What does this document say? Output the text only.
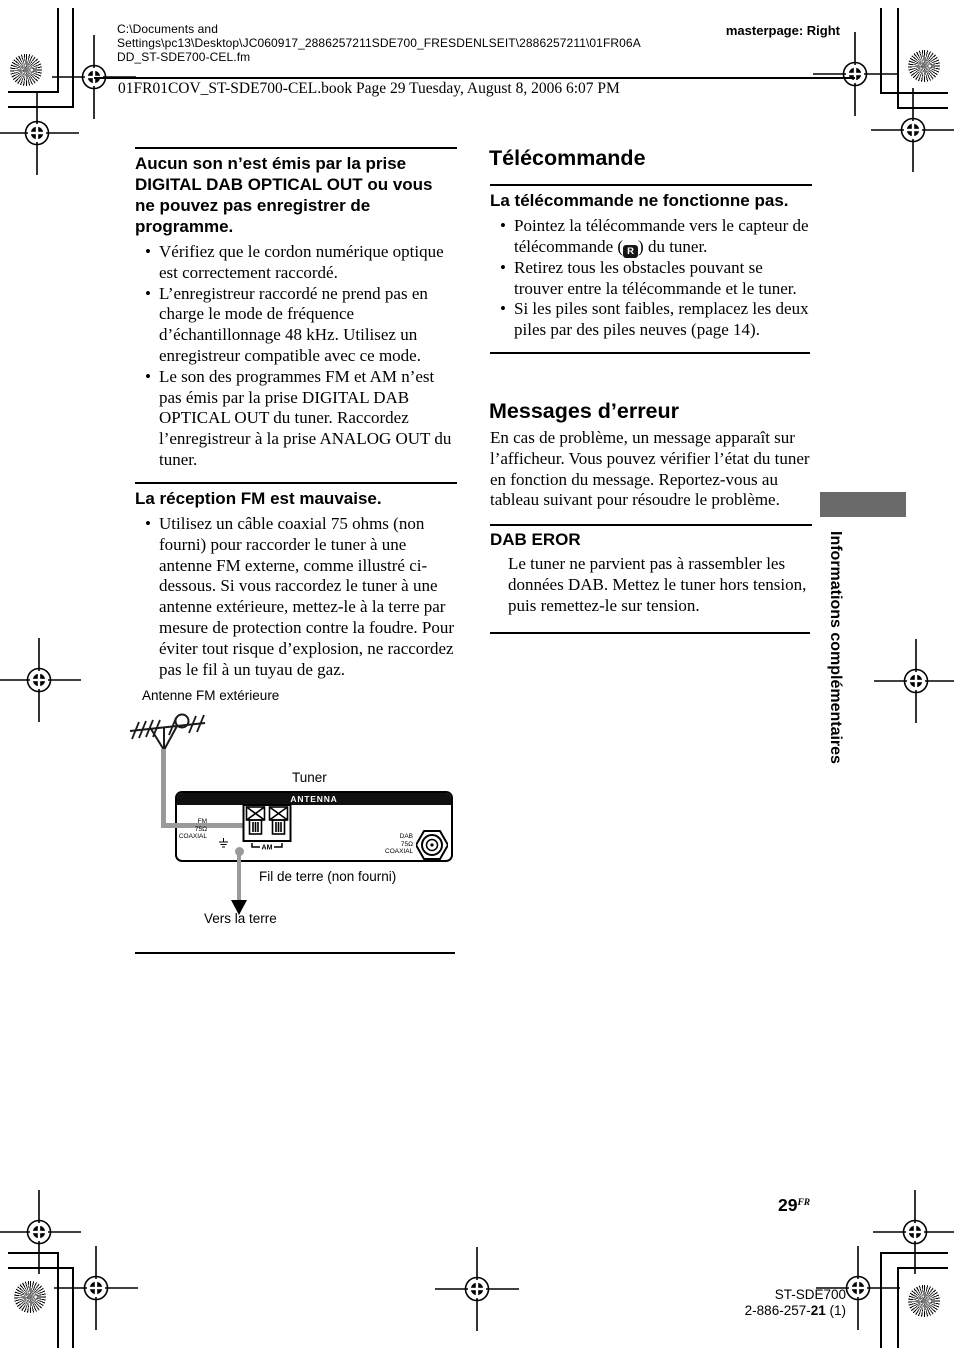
C:\Documents and
Settings\pc13\Desktop\JC060917_2886257211SDE700_FRESDENLSEIT\2886257211\01FR06A
DD_ST-SDE700-CEL.fm
masterpage: Right
01FR01COV_ST-SDE700-CEL.book Page 29 Tuesday, August 8, 2006 6:07 PM
Aucun son n’est émis par la prise DIGITAL DAB OPTICAL OUT ou vous ne pouvez pas enregistrer de programme.
• Vérifiez que le cordon numérique optique est correctement raccordé.
• L’enregistreur raccordé ne prend pas en charge le mode de fréquence d’échantillonnage 48 kHz. Utilisez un enregistreur compatible avec ce mode.
• Le son des programmes FM et AM n’est pas émis par la prise DIGITAL DAB OPTICAL OUT du tuner. Raccordez l’enregistreur à la prise ANALOG OUT du tuner.
La réception FM est mauvaise.
• Utilisez un câble coaxial 75 ohms (non fourni) pour raccorder le tuner à une antenne FM externe, comme illustré ci-dessous. Si vous raccordez le tuner à une antenne extérieure, mettez-le à la terre par mesure de protection contre la foudre. Pour éviter tout risque d’explosion, ne raccordez pas le fil à un tuyau de gaz.
Antenne FM extérieure
Tuner
ANTENNA
FM
75Ω
COAXIAL
AM
DAB
75Ω
COAXIAL
Fil de terre (non fourni)
Vers la terre
Télécommande
La télécommande ne fonctionne pas.
• Pointez la télécommande vers le capteur de télécommande ( R ) du tuner.
• Retirez tous les obstacles pouvant se trouver entre la télécommande et le tuner.
• Si les piles sont faibles, remplacez les deux piles par des piles neuves (page 14).
Messages d’erreur
En cas de problème, un message apparaît sur l’afficheur. Vous pouvez vérifier l’état du tuner en fonction du message. Reportez-vous au tableau suivant pour résoudre le problème.
DAB EROR
Le tuner ne parvient pas à rassembler les données DAB. Mettez le tuner hors tension, puis remettez-le sur tension.	Informations complémentaires
$29^{FR}$
ST-SDE700
2-886-257-21 (1)
